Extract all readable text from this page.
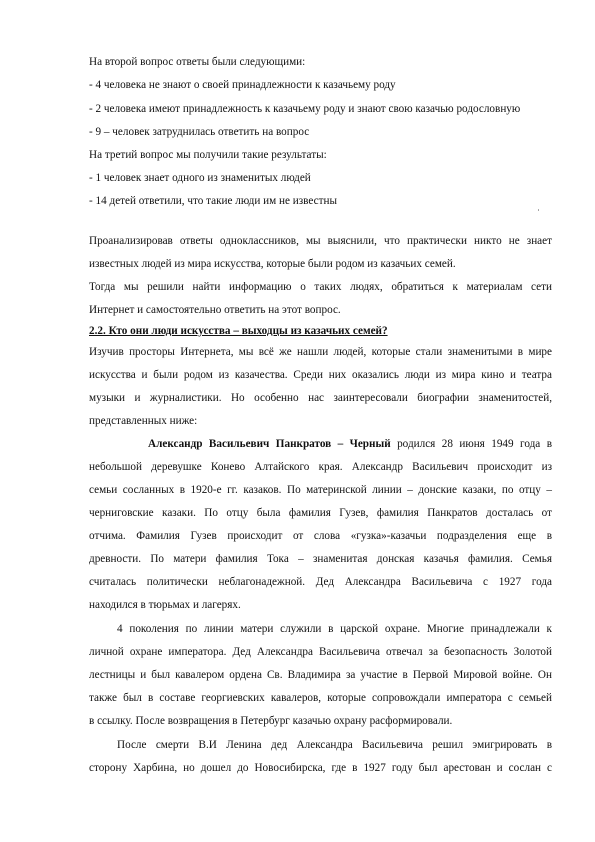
На второй вопрос ответы были следующими:
- 4 человека не знают о своей принадлежности к казачьему роду
- 2 человека имеют принадлежность к казачьему роду и знают свою казачью родословную
- 9 – человек затруднилась ответить на вопрос
На третий вопрос мы получили такие результаты:
- 1 человек знает одного из знаменитых людей
- 14 детей ответили, что такие люди им не известны
˙
Проанализировав ответы одноклассников, мы выяснили, что практически никто не знает
известных людей из мира искусства, которые были родом из казачьих семей.
Тогда мы решили найти информацию о таких людях, обратиться к материалам сети
Интернет и самостоятельно ответить на этот вопрос.
2.2. Кто они люди искусства – выходцы из казачьих семей?
Изучив просторы Интернета, мы всё же нашли людей, которые стали знаменитыми в мире
искусства и были родом из казачества. Среди них оказались люди из мира кино и театра
музыки и журналистики. Но особенно нас заинтересовали биографии знаменитостей,
представленных ниже:
Александр Васильевич Панкратов – Черный родился 28 июня 1949 года в
небольшой деревушке Конево Алтайского края. Александр Васильевич происходит из
семьи сосланных в 1920-е гг. казаков. По материнской линии – донские казаки, по отцу –
черниговские казаки. По отцу была фамилия Гузев, фамилия Панкратов досталась от
отчима. Фамилия Гузев происходит от слова «гузка»-казачьи подразделения еще в
древности. По матери фамилия Тока – знаменитая донская казачья фамилия. Семья
считалась политически неблагонадежной. Дед Александра Васильевича с 1927 года
находился в тюрьмах и лагерях.
4 поколения по линии матери служили в царской охране. Многие принадлежали к
личной охране императора. Дед Александра Васильевича отвечал за безопасность Золотой
лестницы и был кавалером ордена Св. Владимира за участие в Первой Мировой войне. Он
также был в составе георгиевских кавалеров, которые сопровождали императора с семьей
в ссылку. После возвращения в Петербург казачью охрану расформировали.
После смерти В.И Ленина дед Александра Васильевича решил эмигрировать в
сторону Харбина, но дошел до Новосибирска, где в 1927 году был арестован и сослан с
